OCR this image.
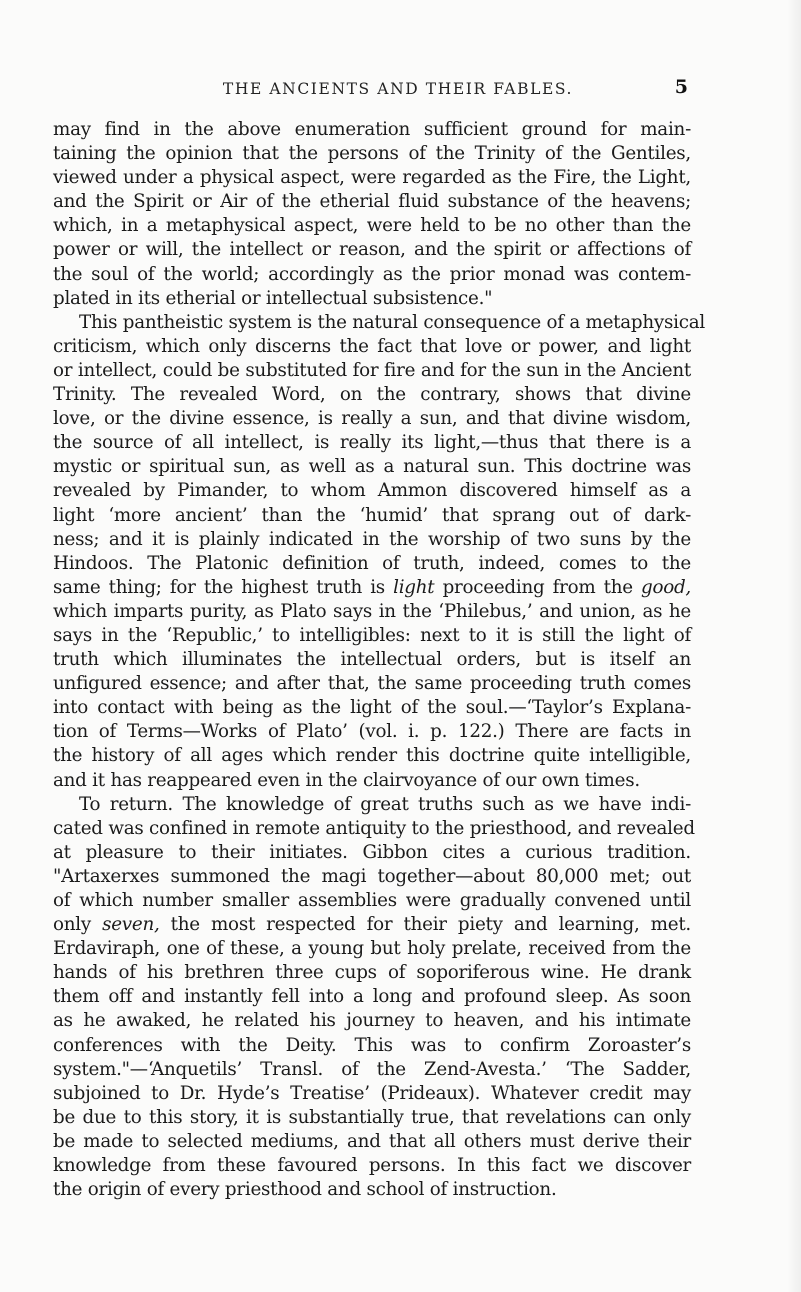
THE ANCIENTS AND THEIR FABLES.	5
may find in the above enumeration sufficient ground for main-
taining the opinion that the persons of the Trinity of the Gentiles,
viewed under a physical aspect, were regarded as the Fire, the Light,
and the Spirit or Air of the etherial fluid substance of the heavens;
which, in a metaphysical aspect, were held to be no other than the
power or will, the intellect or reason, and the spirit or affections of
the soul of the world; accordingly as the prior monad was contem-
plated in its etherial or intellectual subsistence."
This pantheistic system is the natural consequence of a metaphysical
criticism, which only discerns the fact that love or power, and light
or intellect, could be substituted for fire and for the sun in the Ancient
Trinity. The revealed Word, on the contrary, shows that divine
love, or the divine essence, is really a sun, and that divine wisdom,
the source of all intellect, is really its light,—thus that there is a
mystic or spiritual sun, as well as a natural sun. This doctrine was
revealed by Pimander, to whom Ammon discovered himself as a
light ‘more ancient’ than the ‘humid’ that sprang out of dark-
ness; and it is plainly indicated in the worship of two suns by the
Hindoos. The Platonic definition of truth, indeed, comes to the
same thing; for the highest truth is light proceeding from the good,
which imparts purity, as Plato says in the ‘Philebus,’ and union, as he
says in the ‘Republic,’ to intelligibles: next to it is still the light of
truth which illuminates the intellectual orders, but is itself an
unfigured essence; and after that, the same proceeding truth comes
into contact with being as the light of the soul.—‘Taylor’s Explana-
tion of Terms—Works of Plato’ (vol. i. p. 122.) There are facts in
the history of all ages which render this doctrine quite intelligible,
and it has reappeared even in the clairvoyance of our own times.
To return. The knowledge of great truths such as we have indi-
cated was confined in remote antiquity to the priesthood, and revealed
at pleasure to their initiates. Gibbon cites a curious tradition.
"Artaxerxes summoned the magi together—about 80,000 met; out
of which number smaller assemblies were gradually convened until
only seven, the most respected for their piety and learning, met.
Erdaviraph, one of these, a young but holy prelate, received from the
hands of his brethren three cups of soporiferous wine. He drank
them off and instantly fell into a long and profound sleep. As soon
as he awaked, he related his journey to heaven, and his intimate
conferences with the Deity. This was to confirm Zoroaster’s
system."—‘Anquetils’ Transl. of the Zend-Avesta.’ ‘The Sadder,
subjoined to Dr. Hyde’s Treatise’ (Prideaux). Whatever credit may
be due to this story, it is substantially true, that revelations can only
be made to selected mediums, and that all others must derive their
knowledge from these favoured persons. In this fact we discover
the origin of every priesthood and school of instruction.
